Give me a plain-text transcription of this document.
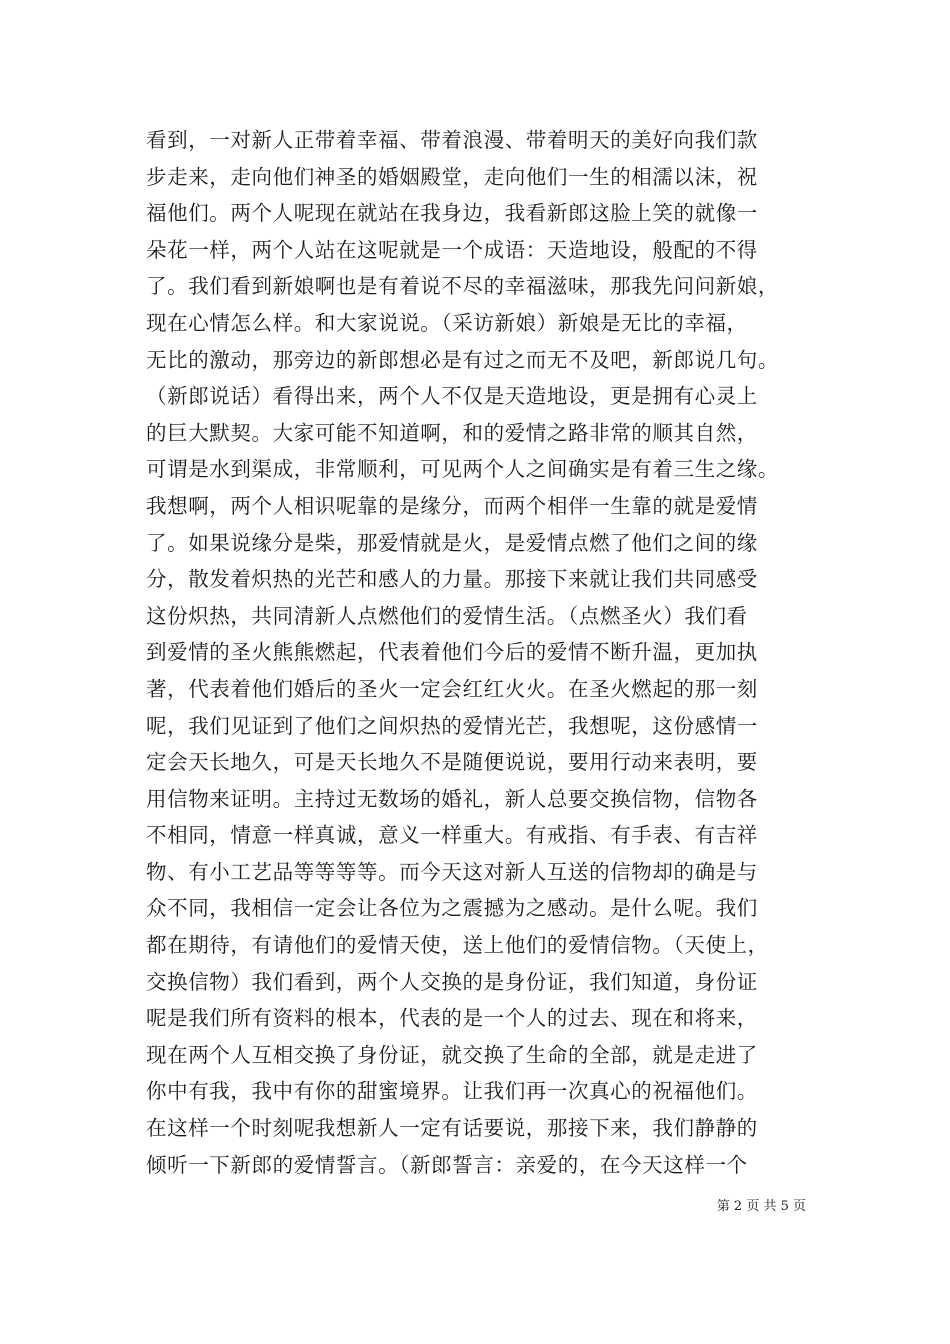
看到，一对新人正带着幸福、带着浪漫、带着明天的美好向我们款
步走来，走向他们神圣的婚姻殿堂，走向他们一生的相濡以沫，祝
福他们。两个人呢现在就站在我身边，我看新郎这脸上笑的就像一
朵花一样，两个人站在这呢就是一个成语：天造地设，般配的不得
了。我们看到新娘啊也是有着说不尽的幸福滋味，那我先问问新娘，
现在心情怎么样。和大家说说。（采访新娘）新娘是无比的幸福，
无比的激动，那旁边的新郎想必是有过之而无不及吧，新郎说几句。
（新郎说话）看得出来，两个人不仅是天造地设，更是拥有心灵上
的巨大默契。大家可能不知道啊，和的爱情之路非常的顺其自然，
可谓是水到渠成，非常顺利，可见两个人之间确实是有着三生之缘。
我想啊，两个人相识呢靠的是缘分，而两个相伴一生靠的就是爱情
了。如果说缘分是柴，那爱情就是火，是爱情点燃了他们之间的缘
分，散发着炽热的光芒和感人的力量。那接下来就让我们共同感受
这份炽热，共同清新人点燃他们的爱情生活。（点燃圣火）我们看
到爱情的圣火熊熊燃起，代表着他们今后的爱情不断升温，更加执
著，代表着他们婚后的圣火一定会红红火火。在圣火燃起的那一刻
呢，我们见证到了他们之间炽热的爱情光芒，我想呢，这份感情一
定会天长地久，可是天长地久不是随便说说，要用行动来表明，要
用信物来证明。主持过无数场的婚礼，新人总要交换信物，信物各
不相同，情意一样真诚，意义一样重大。有戒指、有手表、有吉祥
物、有小工艺品等等等等。而今天这对新人互送的信物却的确是与
众不同，我相信一定会让各位为之震撼为之感动。是什么呢。我们
都在期待，有请他们的爱情天使，送上他们的爱情信物。（天使上，
交换信物）我们看到，两个人交换的是身份证，我们知道，身份证
呢是我们所有资料的根本，代表的是一个人的过去、现在和将来，
现在两个人互相交换了身份证，就交换了生命的全部，就是走进了
你中有我，我中有你的甜蜜境界。让我们再一次真心的祝福他们。
在这样一个时刻呢我想新人一定有话要说，那接下来，我们静静的
倾听一下新郎的爱情誓言。（新郎誓言：亲爱的，在今天这样一个
第 2 页 共 5 页
